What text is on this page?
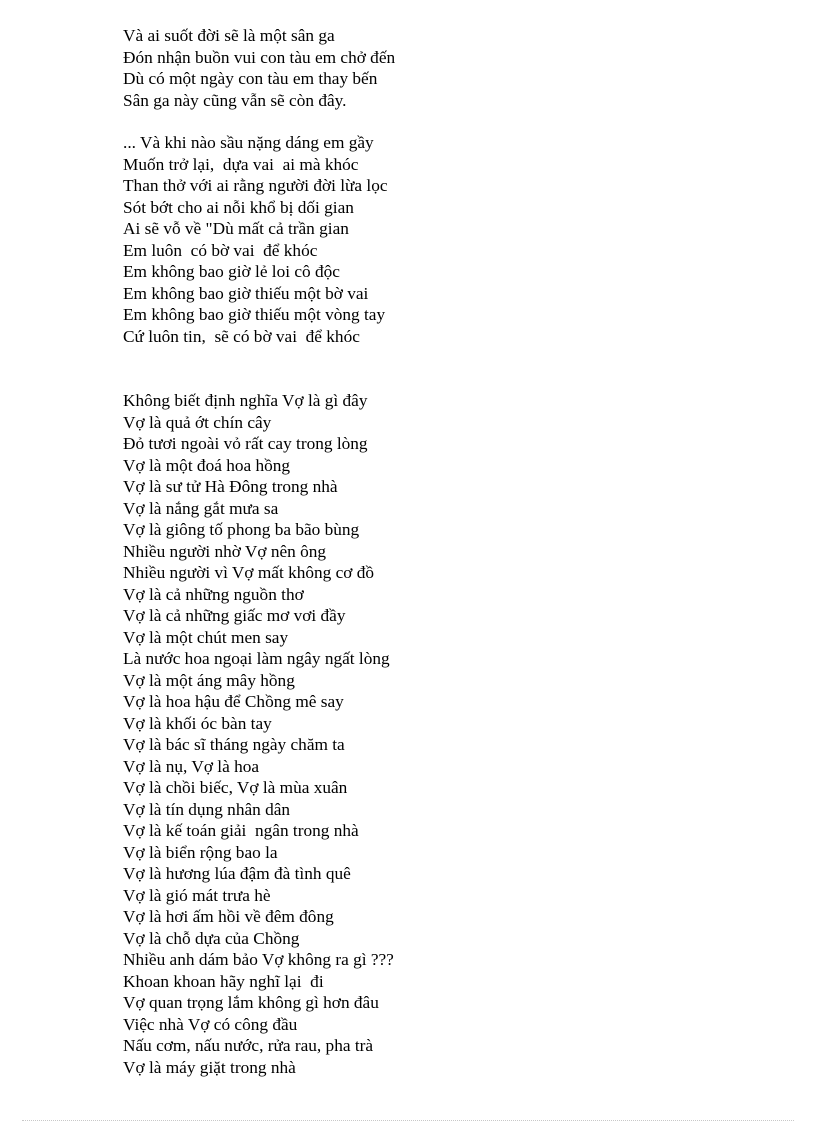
Và ai suốt đời sẽ là một sân ga
Đón nhận buồn vui con tàu em chở đến
Dù có một ngày con tàu em thay bến
Sân ga này cũng vẫn sẽ còn đây.
... Và khi nào sầu nặng dáng em gầy
Muốn trở lại,  dựa vai  ai mà khóc
Than thở với ai rằng người đời lừa lọc
Sót bớt cho ai nỗi khổ bị dối gian
Ai sẽ vỗ về "Dù mất cả trần gian
Em luôn  có bờ vai  để khóc
Em không bao giờ lẻ loi cô độc
Em không bao giờ thiếu một bờ vai
Em không bao giờ thiếu một vòng tay
Cứ luôn tin,  sẽ có bờ vai  để khóc
Không biết định nghĩa Vợ là gì đây
Vợ là quả ớt chín cây
Đỏ tươi ngoài vỏ rất cay trong lòng
Vợ là một đoá hoa hồng
Vợ là sư tử Hà Đông trong nhà
Vợ là nắng gắt mưa sa
Vợ là giông tố phong ba bão bùng
Nhiều người nhờ Vợ nên ông
Nhiều người vì Vợ mất không cơ đồ
Vợ là cả những nguồn thơ
Vợ là cả những giấc mơ vơi đầy
Vợ là một chút men say
Là nước hoa ngoại làm ngây ngất lòng
Vợ là một áng mây hồng
Vợ là hoa hậu để Chồng mê say
Vợ là khối óc bàn tay
Vợ là bác sĩ tháng ngày chăm ta
Vợ là nụ, Vợ là hoa
Vợ là chồi biếc, Vợ là mùa xuân
Vợ là tín dụng nhân dân
Vợ là kế toán giải  ngân trong nhà
Vợ là biển rộng bao la
Vợ là hương lúa đậm đà tình quê
Vợ là gió mát trưa hè
Vợ là hơi ấm hồi về đêm đông
Vợ là chỗ dựa của Chồng
Nhiều anh dám bảo Vợ không ra gì ???
Khoan khoan hãy nghĩ lại  đi
Vợ quan trọng lắm không gì hơn đâu
Việc nhà Vợ có công đầu
Nấu cơm, nấu nước, rửa rau, pha trà
Vợ là máy giặt trong nhà
